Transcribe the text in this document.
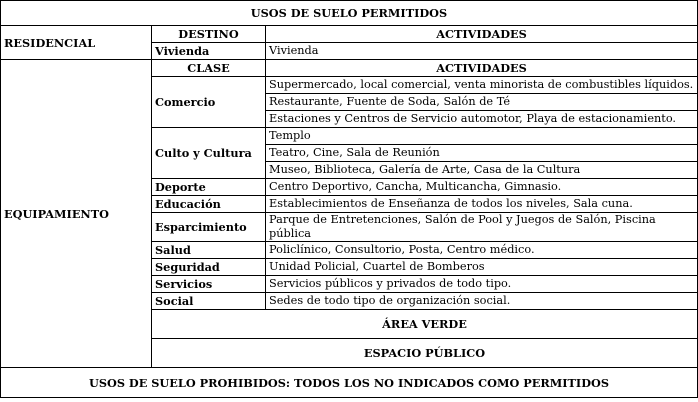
USOS DE SUELO PERMITIDOS		
RESIDENCIAL	DESTINO	ACTIVIDADES
	Vivienda	Vivienda
EQUIPAMIENTO	CLASE	ACTIVIDADES
	Comercio	Supermercado, local comercial, venta minorista de combustibles líquidos.
		Restaurante, Fuente de Soda, Salón de Té
		Estaciones y Centros de Servicio automotor, Playa de estacionamiento.
	Culto y Cultura	Templo
		Teatro, Cine, Sala de Reunión
		Museo, Biblioteca, Galería de Arte, Casa de la Cultura
	Deporte	Centro Deportivo, Cancha, Multicancha, Gimnasio.
	Educación	Establecimientos de Enseñanza de todos los niveles, Sala cuna.
	Esparcimiento	Parque de Entretenciones, Salón de Pool y Juegos de Salón, Piscina pública
	Salud	Policlínico, Consultorio, Posta, Centro médico.
	Seguridad	Unidad Policial, Cuartel de Bomberos
	Servicios	Servicios públicos y privados de todo tipo.
	Social	Sedes de todo tipo de organización social.
	ÁREA VERDE	
	ESPACIO PÚBLICO	
USOS DE SUELO PROHIBIDOS: TODOS LOS NO INDICADOS COMO PERMITIDOS		
